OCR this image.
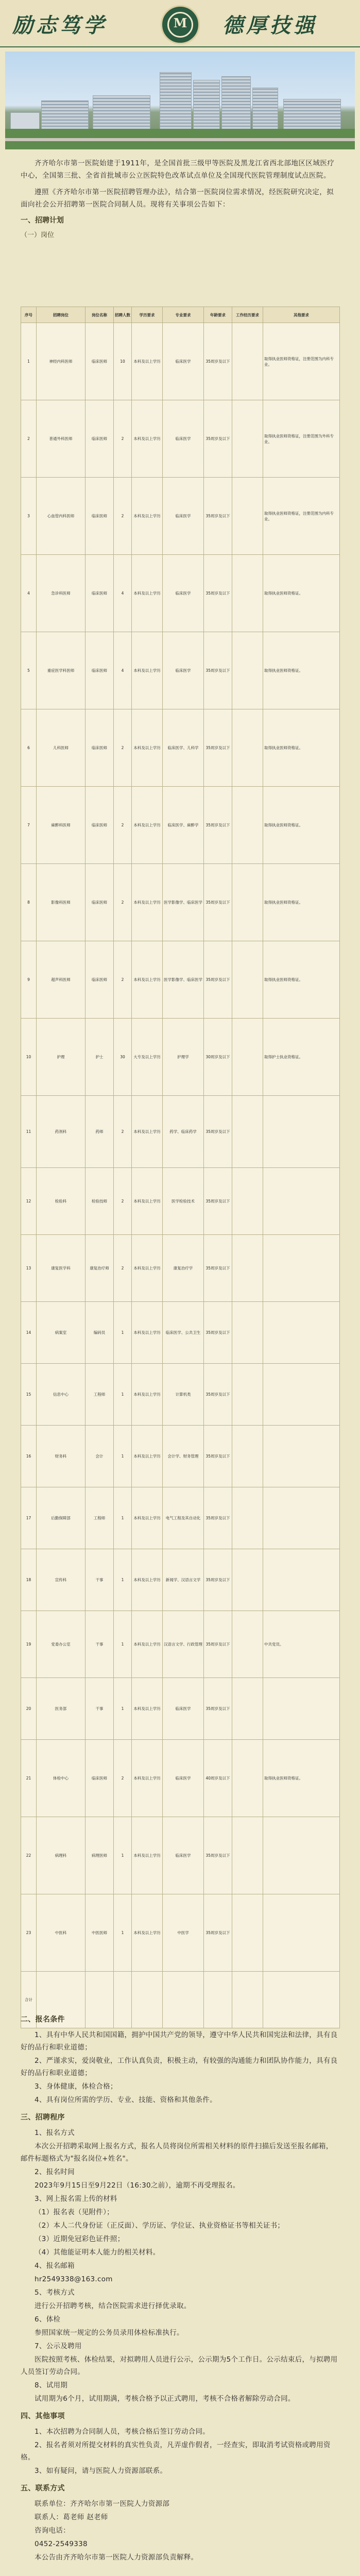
励志笃学	M	德厚技强

齐齐哈尔市第一医院始建于1911年，是全国首批三级甲等医院及黑龙江省西北部地区区域医疗中心，全国第三批、全省首批城市公立医院特色改革试点单位及全国现代医院管理制度试点医院。

遵照《齐齐哈尔市第一医院招聘管理办法》，结合第一医院岗位需求情况，经医院研究决定，拟面向社会公开招聘第一医院合同制人员。现将有关事项公告如下：

一、招聘计划
（一）岗位
序号	招聘岗位	岗位名称	招聘人数	学历要求	专业要求	年龄要求	工作经历要求	其他要求
1	神经内科医师	临床医师	10	本科及以上学历	临床医学	35周岁及以下		取得执业医师资格证，注册范围为内科专业。
2	普通外科医师	临床医师	2	本科及以上学历	临床医学	35周岁及以下		取得执业医师资格证，注册范围为外科专业。
3	心血管内科医师	临床医师	2	本科及以上学历	临床医学	35周岁及以下		取得执业医师资格证，注册范围为内科专业。
4	急诊科医师	临床医师	4	本科及以上学历	临床医学	35周岁及以下		取得执业医师资格证。
5	重症医学科医师	临床医师	4	本科及以上学历	临床医学	35周岁及以下		取得执业医师资格证。
6	儿科医师	临床医师	2	本科及以上学历	临床医学、儿科学	35周岁及以下		取得执业医师资格证。
7	麻醉科医师	临床医师	2	本科及以上学历	临床医学、麻醉学	35周岁及以下		取得执业医师资格证。
8	影像科医师	临床医师	2	本科及以上学历	医学影像学、临床医学	35周岁及以下		取得执业医师资格证。
9	超声科医师	临床医师	2	本科及以上学历	医学影像学、临床医学	35周岁及以下		取得执业医师资格证。
10	护理	护士	30	大专及以上学历	护理学	30周岁及以下		取得护士执业资格证。
11	药剂科	药师	2	本科及以上学历	药学、临床药学	35周岁及以下		
12	检验科	检验技师	2	本科及以上学历	医学检验技术	35周岁及以下		
13	康复医学科	康复治疗师	2	本科及以上学历	康复治疗学	35周岁及以下		
14	病案室	编码员	1	本科及以上学历	临床医学、公共卫生	35周岁及以下		
15	信息中心	工程师	1	本科及以上学历	计算机类	35周岁及以下		
16	财务科	会计	1	本科及以上学历	会计学、财务管理	35周岁及以下		
17	后勤保障部	工程师	1	本科及以上学历	电气工程及其自动化	35周岁及以下		
18	宣传科	干事	1	本科及以上学历	新闻学、汉语言文学	35周岁及以下		
19	党委办公室	干事	1	本科及以上学历	汉语言文学、行政管理	35周岁及以下		中共党员。
20	医务部	干事	1	本科及以上学历	临床医学	35周岁及以下		
21	体检中心	临床医师	2	本科及以上学历	临床医学	40周岁及以下		取得执业医师资格证。
22	病理科	病理医师	1	本科及以上学历	临床医学	35周岁及以下		
23	中医科	中医医师	1	本科及以上学历	中医学	35周岁及以下		
合计								

二、报名条件

1、具有中华人民共和国国籍，拥护中国共产党的领导，遵守中华人民共和国宪法和法律，具有良好的品行和职业道德；

2、严谨求实，爱岗敬业，工作认真负责，积极主动，有较强的沟通能力和团队协作能力，具有良好的品行和职业道德；

3、身体健康，体检合格；

4、具有岗位所需的学历、专业、技能、资格和其他条件。

三、招聘程序

1、报名方式

本次公开招聘采取网上报名方式，报名人员将岗位所需相关材料的原件扫描后发送至报名邮箱，邮件标题格式为"报名岗位+姓名"。

2、报名时间

2023年9月15日至9月22日（16:30之前），逾期不再受理报名。

3、网上报名需上传的材料

（1）报名表（见附件）；

（2）本人二代身份证（正反面）、学历证、学位证、执业资格证书等相关证书；

（3）近期免冠彩色证件照；

（4）其他能证明本人能力的相关材料。

4、报名邮箱

hr2549338@163.com

5、考核方式

进行公开招聘考核，结合医院需求进行择优录取。

6、体检

参照国家统一规定的公务员录用体检标准执行。

7、公示及聘用

医院按照考核、体检结果，对拟聘用人员进行公示，公示期为5个工作日。公示结束后，与拟聘用人员签订劳动合同。

8、试用期

试用期为6个月，试用期满，考核合格予以正式聘用，考核不合格者解除劳动合同。

四、其他事项

1、本次招聘为合同制人员，考核合格后签订劳动合同。

2、报名者须对所提交材料的真实性负责，凡弄虚作假者，一经查实，即取消考试资格或聘用资格。

3、如有疑问，请与医院人力资源部联系。

五、联系方式

联系单位：齐齐哈尔市第一医院人力资源部

联系人：葛老师 赵老师

咨询电话：

0452-2549338

本公告由齐齐哈尔市第一医院人力资源部负责解释。
